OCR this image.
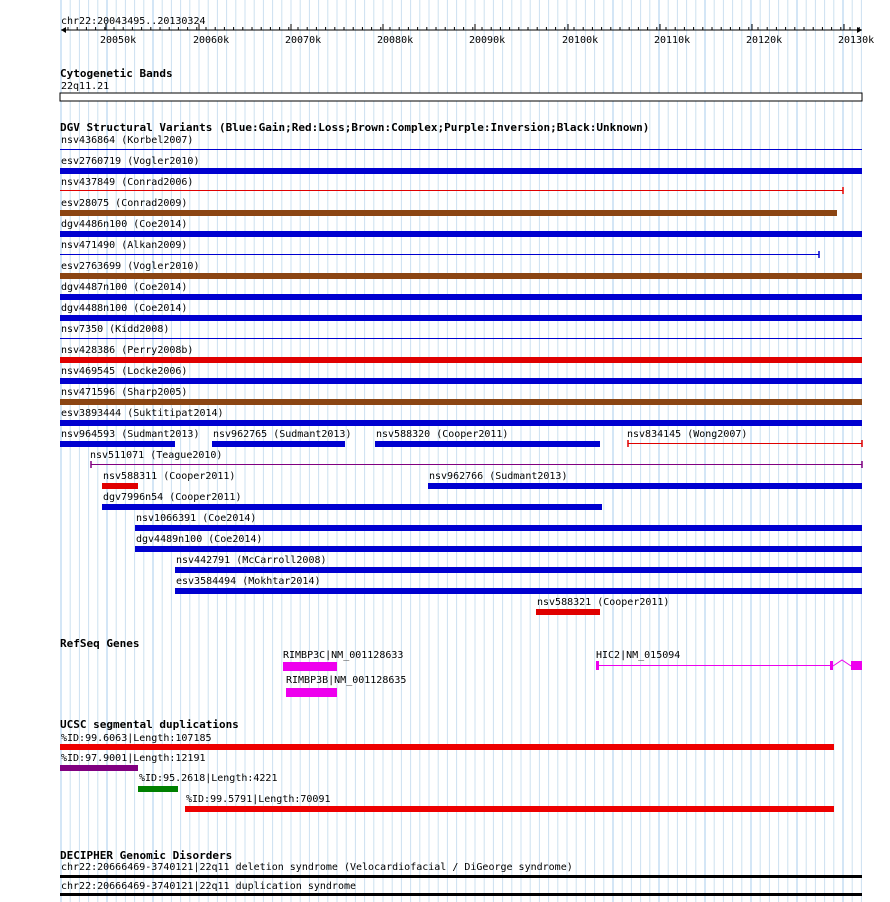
chr22:20043495..20130324
20050k	20060k	20070k	20080k	20090k	20100k	20110k	20120k	20130k
Cytogenetic Bands
22q11.21
DGV Structural Variants (Blue:Gain;Red:Loss;Brown:Complex;Purple:Inversion;Black:Unknown)
nsv436864 (Korbel2007)
esv2760719 (Vogler2010)
nsv437849 (Conrad2006)
esv28075 (Conrad2009)
dgv4486n100 (Coe2014)
nsv471490 (Alkan2009)
esv2763699 (Vogler2010)
dgv4487n100 (Coe2014)
dgv4488n100 (Coe2014)
nsv7350 (Kidd2008)
nsv428386 (Perry2008b)
nsv469545 (Locke2006)
nsv471596 (Sharp2005)
esv3893444 (Suktitipat2014)
nsv964593 (Sudmant2013) nsv962765 (Sudmant2013) nsv588320 (Cooper2011)	nsv834145 (Wong2007)
nsv511071 (Teague2010)
nsv588311 (Cooper2011)	nsv962766 (Sudmant2013)
dgv7996n54 (Cooper2011)
nsv1066391 (Coe2014)
dgv4489n100 (Coe2014)
nsv442791 (McCarroll2008)
esv3584494 (Mokhtar2014)
nsv588321 (Cooper2011)
RefSeq Genes
RIMBP3C|NM_001128633
RIMBP3B|NM_001128635
HIC2|NM_015094
UCSC segmental duplications
%ID:99.6063|Length:107185
%ID:97.9001|Length:12191
%ID:95.2618|Length:4221
%ID:99.5791|Length:70091
DECIPHER Genomic Disorders
chr22:20666469-3740121|22q11 deletion syndrome (Velocardiofacial / DiGeorge syndrome)
chr22:20666469-3740121|22q11 duplication syndrome
